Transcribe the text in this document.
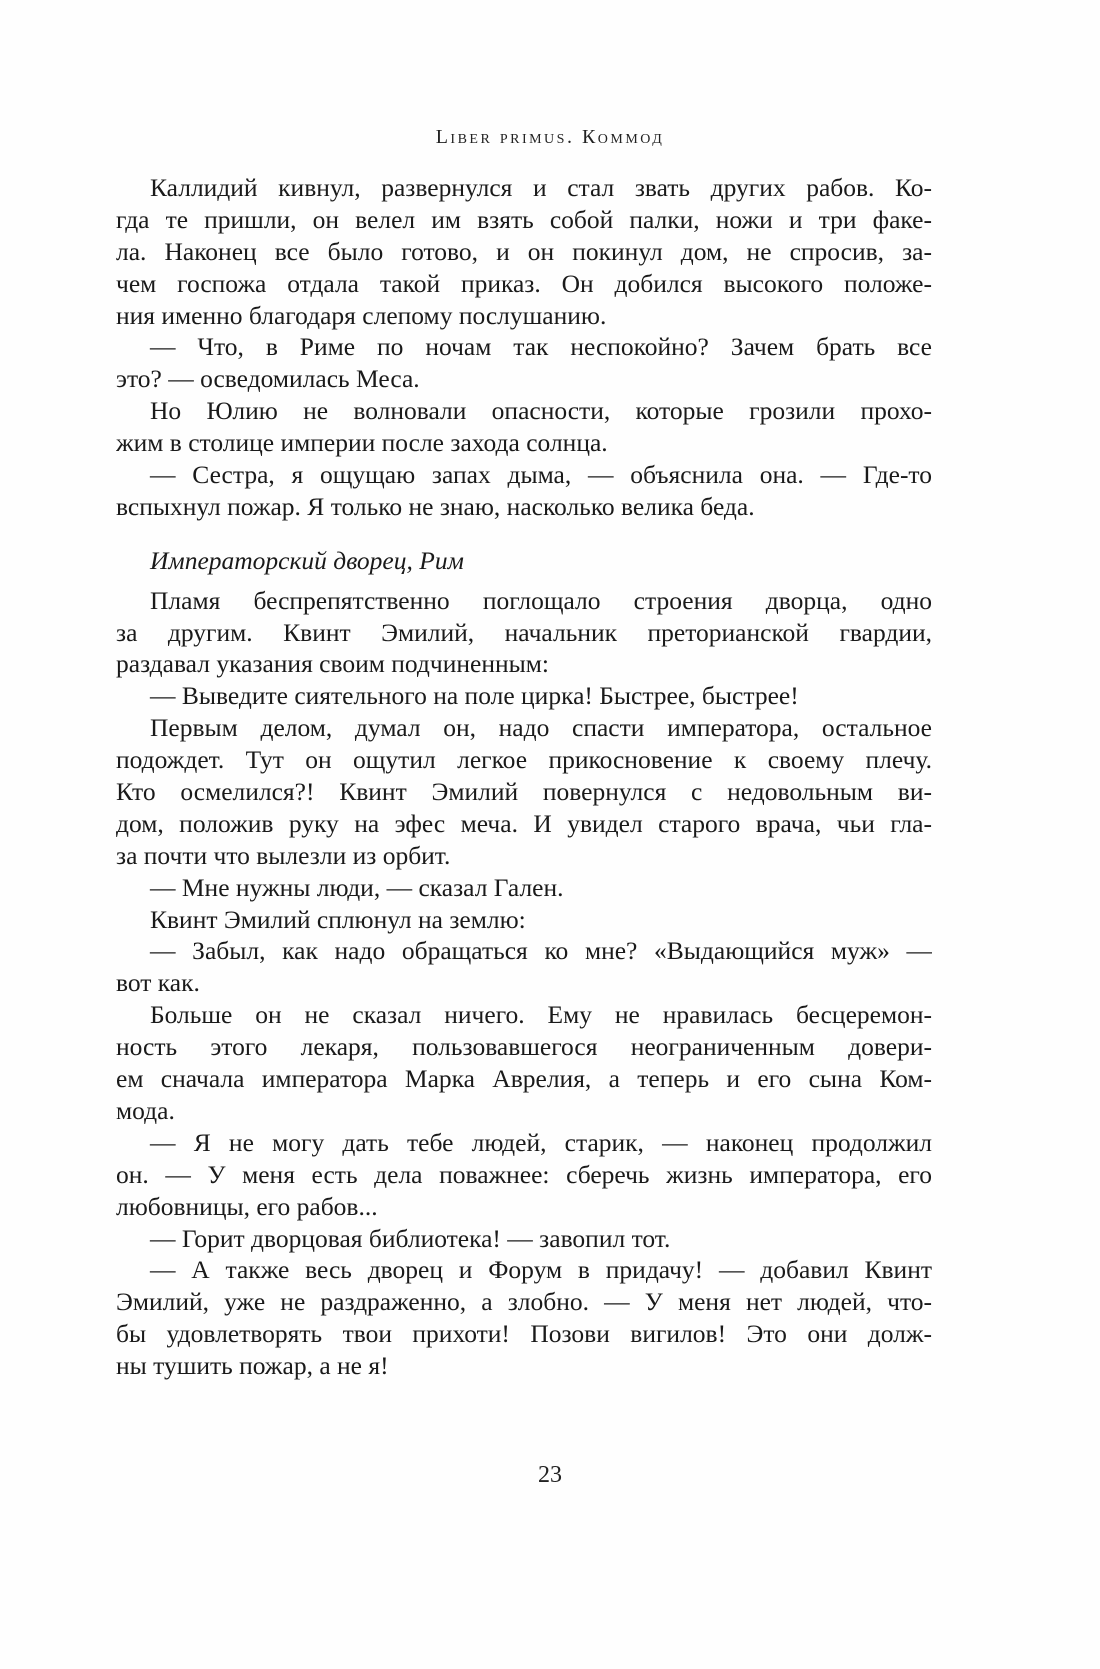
Liber primus. Коммод
Каллидий кивнул, развернулся и стал звать других рабов. Ко-
гда те пришли, он велел им взять собой палки, ножи и три факе-
ла. Наконец все было готово, и он покинул дом, не спросив, за-
чем госпожа отдала такой приказ. Он добился высокого положе-
ния именно благодаря слепому послушанию.
— Что, в Риме по ночам так неспокойно? Зачем брать все
это? — осведомилась Меса.
Но Юлию не волновали опасности, которые грозили прохо-
жим в столице империи после захода солнца.
— Сестра, я ощущаю запах дыма, — объяснила она. — Где-то
вспыхнул пожар. Я только не знаю, насколько велика беда.
Императорский дворец, Рим
Пламя беспрепятственно поглощало строения дворца, одно
за другим. Квинт Эмилий, начальник преторианской гвардии,
раздавал указания своим подчиненным:
— Выведите сиятельного на поле цирка! Быстрее, быстрее!
Первым делом, думал он, надо спасти императора, остальное
подождет. Тут он ощутил легкое прикосновение к своему плечу.
Кто осмелился?! Квинт Эмилий повернулся с недовольным ви-
дом, положив руку на эфес меча. И увидел старого врача, чьи гла-
за почти что вылезли из орбит.
— Мне нужны люди, — сказал Гален.
Квинт Эмилий сплюнул на землю:
— Забыл, как надо обращаться ко мне? «Выдающийся муж» —
вот как.
Больше он не сказал ничего. Ему не нравилась бесцеремон-
ность этого лекаря, пользовавшегося неограниченным довери-
ем сначала императора Марка Аврелия, а теперь и его сына Ком-
мода.
— Я не могу дать тебе людей, старик, — наконец продолжил
он. — У меня есть дела поважнее: сберечь жизнь императора, его
любовницы, его рабов...
— Горит дворцовая библиотека! — завопил тот.
— А также весь дворец и Форум в придачу! — добавил Квинт
Эмилий, уже не раздраженно, а злобно. — У меня нет людей, что-
бы удовлетворять твои прихоти! Позови вигилов! Это они долж-
ны тушить пожар, а не я!
23
